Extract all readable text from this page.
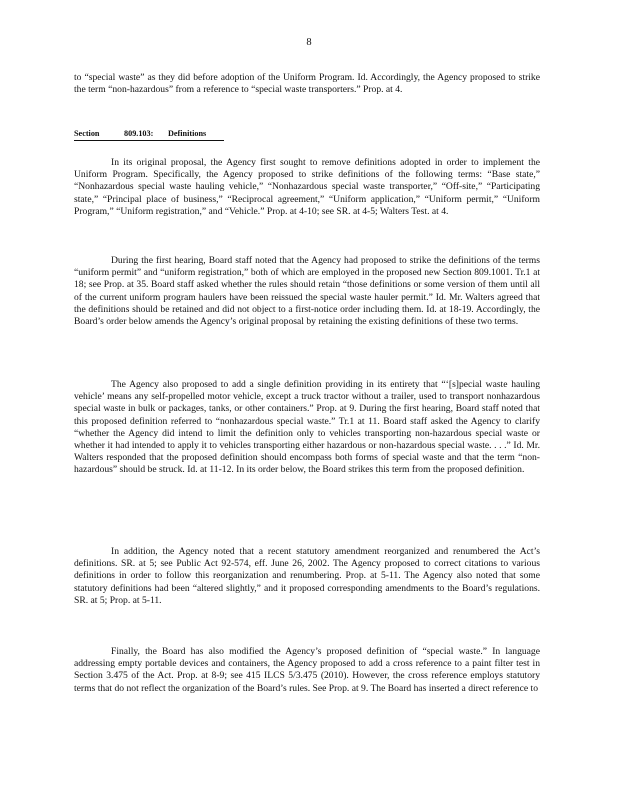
8

to “special waste” as they did before adoption of the Uniform Program. Id. Accordingly, the Agency proposed to strike the term “non-hazardous” from a reference to “special waste transporters.” Prop. at 4.

Section	809.103: Definitions

In its original proposal, the Agency first sought to remove definitions adopted in order to implement the Uniform Program. Specifically, the Agency proposed to strike definitions of the following terms: “Base state,” “Nonhazardous special waste hauling vehicle,” “Nonhazardous special waste transporter,” “Off-site,” “Participating state,” “Principal place of business,” “Reciprocal agreement,” “Uniform application,” “Uniform permit,” “Uniform Program,” “Uniform registration,” and “Vehicle.” Prop. at 4-10; see SR. at 4-5; Walters Test. at 4.

During the first hearing, Board staff noted that the Agency had proposed to strike the definitions of the terms “uniform permit” and “uniform registration,” both of which are employed in the proposed new Section 809.1001. Tr.1 at 18; see Prop. at 35. Board staff asked whether the rules should retain “those definitions or some version of them until all of the current uniform program haulers have been reissued the special waste hauler permit.” Id. Mr. Walters agreed that the definitions should be retained and did not object to a first-notice order including them. Id. at 18-19. Accordingly, the Board’s order below amends the Agency’s original proposal by retaining the existing definitions of these two terms.

The Agency also proposed to add a single definition providing in its entirety that “‘[s]pecial waste hauling vehicle’ means any self-propelled motor vehicle, except a truck tractor without a trailer, used to transport nonhazardous special waste in bulk or packages, tanks, or other containers.” Prop. at 9. During the first hearing, Board staff noted that this proposed definition referred to “nonhazardous special waste.” Tr.1 at 11. Board staff asked the Agency to clarify “whether the Agency did intend to limit the definition only to vehicles transporting non-hazardous special waste or whether it had intended to apply it to vehicles transporting either hazardous or non-hazardous special waste. . . .” Id. Mr. Walters responded that the proposed definition should encompass both forms of special waste and that the term “non-hazardous” should be struck. Id. at 11-12. In its order below, the Board strikes this term from the proposed definition.

In addition, the Agency noted that a recent statutory amendment reorganized and renumbered the Act’s definitions. SR. at 5; see Public Act 92-574, eff. June 26, 2002. The Agency proposed to correct citations to various definitions in order to follow this reorganization and renumbering. Prop. at 5-11. The Agency also noted that some statutory definitions had been “altered slightly,” and it proposed corresponding amendments to the Board’s regulations. SR. at 5; Prop. at 5-11.

Finally, the Board has also modified the Agency’s proposed definition of “special waste.” In language addressing empty portable devices and containers, the Agency proposed to add a cross reference to a paint filter test in Section 3.475 of the Act. Prop. at 8-9; see 415 ILCS 5/3.475 (2010). However, the cross reference employs statutory terms that do not reflect the organization of the Board’s rules. See Prop. at 9. The Board has inserted a direct reference to
